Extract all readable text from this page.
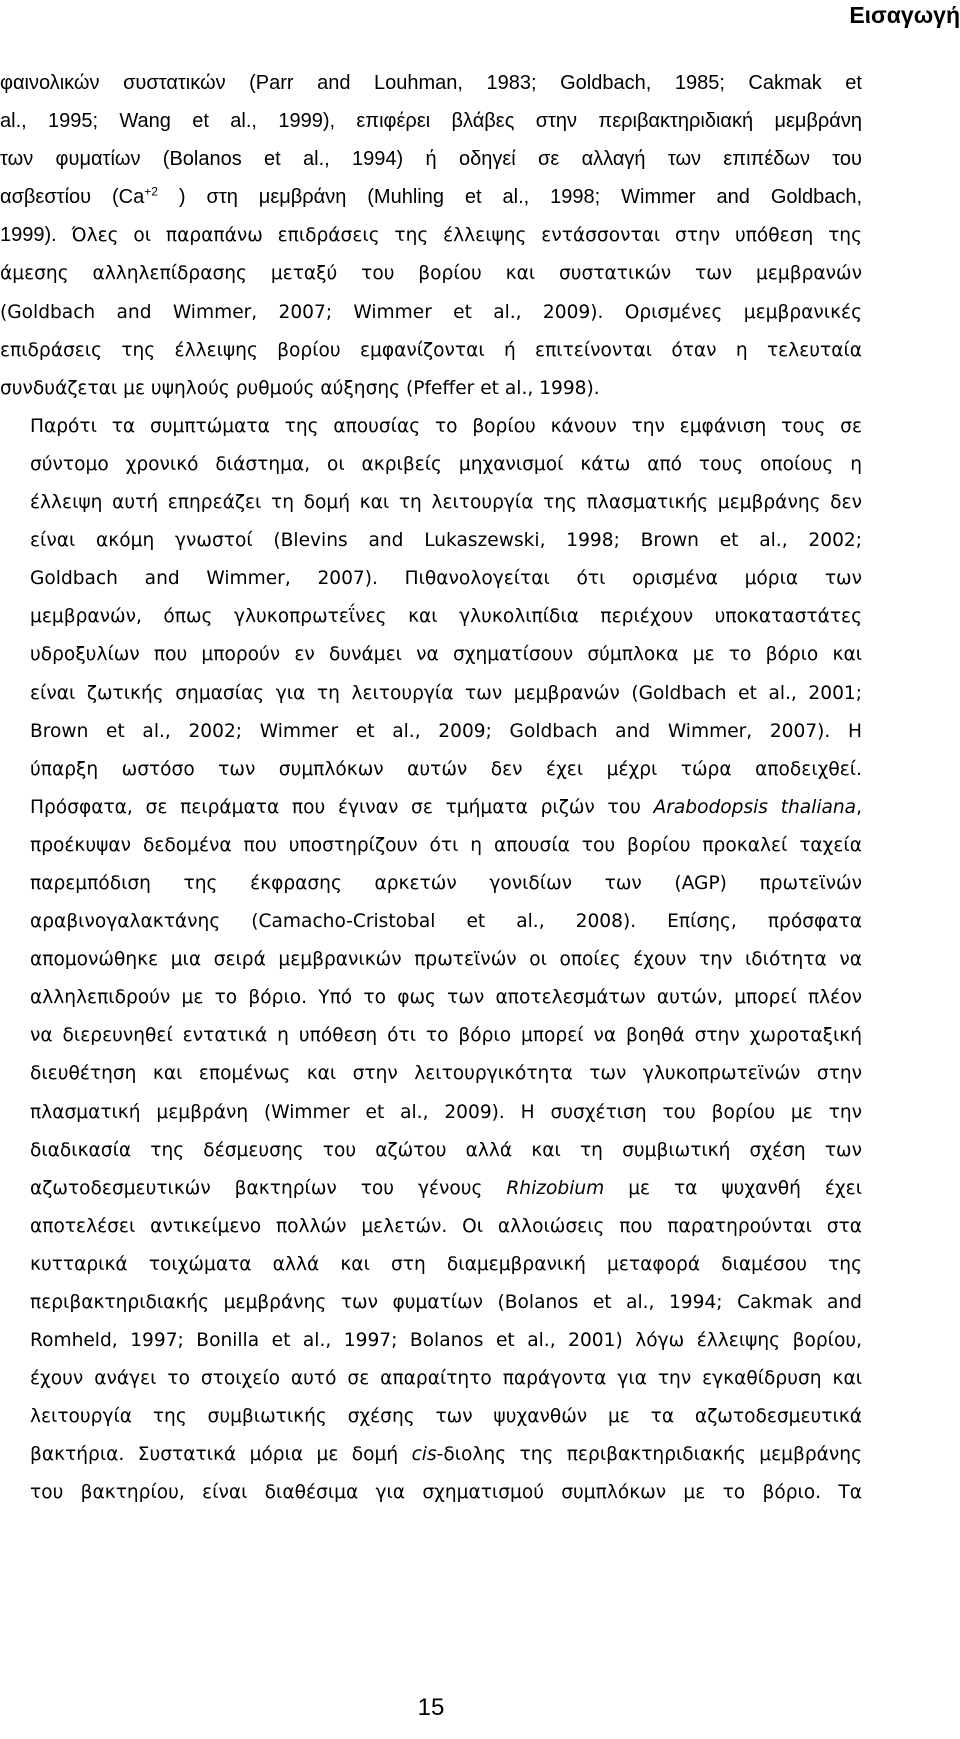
Εισαγωγή

φαινολικών συστατικών (Parr and Louhman, 1983; Goldbach, 1985; Cakmak et
al., 1995; Wang et al., 1999), επιφέρει βλάβες στην περιβακτηριδιακή μεμβράνη
των φυματίων (Bolanos et al., 1994) ή οδηγεί σε αλλαγή των επιπέδων του
ασβεστίου ($Ca^{+2}$ ) στη μεμβράνη (Muhling et al., 1998; Wimmer and Goldbach,
1999). Όλες οι παραπάνω επιδράσεις της έλλειψης εντάσσονται στην υπόθεση της
άμεσης αλληλεπίδρασης μεταξύ του βορίου και συστατικών των μεμβρανών
(Goldbach and Wimmer, 2007; Wimmer et al., 2009). Ορισμένες μεμβρανικές
επιδράσεις της έλλειψης βορίου εμφανίζονται ή επιτείνονται όταν η τελευταία
συνδυάζεται με υψηλούς ρυθμούς αύξησης (Pfeffer et al., 1998).

Παρότι τα συμπτώματα της απουσίας το βορίου κάνουν την εμφάνιση τους σε
σύντομο χρονικό διάστημα, οι ακριβείς μηχανισμοί κάτω από τους οποίους η
έλλειψη αυτή επηρεάζει τη δομή και τη λειτουργία της πλασματικής μεμβράνης δεν
είναι ακόμη γνωστοί (Blevins and Lukaszewski, 1998; Brown et al., 2002;
Goldbach and Wimmer, 2007). Πιθανολογείται ότι ορισμένα μόρια των
μεμβρανών, όπως γλυκοπρωτεΐνες και γλυκολιπίδια περιέχουν υποκαταστάτες
υδροξυλίων που μπορούν εν δυνάμει να σχηματίσουν σύμπλοκα με το βόριο και
είναι ζωτικής σημασίας για τη λειτουργία των μεμβρανών (Goldbach et al., 2001;
Brown et al., 2002; Wimmer et al., 2009; Goldbach and Wimmer, 2007). Η
ύπαρξη ωστόσο των συμπλόκων αυτών δεν έχει μέχρι τώρα αποδειχθεί.
Πρόσφατα, σε πειράματα που έγιναν σε τμήματα ριζών του Arabodopsis thaliana,
προέκυψαν δεδομένα που υποστηρίζουν ότι η απουσία του βορίου προκαλεί ταχεία
παρεμπόδιση της έκφρασης αρκετών γονιδίων των (AGP) πρωτεϊνών
αραβινογαλακτάνης (Camacho-Cristobal et al., 2008). Επίσης, πρόσφατα
απομονώθηκε μια σειρά μεμβρανικών πρωτεϊνών οι οποίες έχουν την ιδιότητα να
αλληλεπιδρούν με το βόριο. Υπό το φως των αποτελεσμάτων αυτών, μπορεί πλέον
να διερευνηθεί εντατικά η υπόθεση ότι το βόριο μπορεί να βοηθά στην χωροταξική
διευθέτηση και επομένως και στην λειτουργικότητα των γλυκοπρωτεϊνών στην
πλασματική μεμβράνη (Wimmer et al., 2009). Η συσχέτιση του βορίου με την
διαδικασία της δέσμευσης του αζώτου αλλά και τη συμβιωτική σχέση των
αζωτοδεσμευτικών βακτηρίων του γένους Rhizobium με τα ψυχανθή έχει
αποτελέσει αντικείμενο πολλών μελετών. Οι αλλοιώσεις που παρατηρούνται στα
κυτταρικά τοιχώματα αλλά και στη διαμεμβρανική μεταφορά διαμέσου της
περιβακτηριδιακής μεμβράνης των φυματίων (Bolanos et al., 1994; Cakmak and
Romheld, 1997; Bonilla et al., 1997; Bolanos et al., 2001) λόγω έλλειψης βορίου,
έχουν ανάγει το στοιχείο αυτό σε απαραίτητο παράγοντα για την εγκαθίδρυση και
λειτουργία της συμβιωτικής σχέσης των ψυχανθών με τα αζωτοδεσμευτικά
βακτήρια. Συστατικά μόρια με δομή cis-διολης της περιβακτηριδιακής μεμβράνης
του βακτηρίου, είναι διαθέσιμα για σχηματισμού συμπλόκων με το βόριο. Τα

15
